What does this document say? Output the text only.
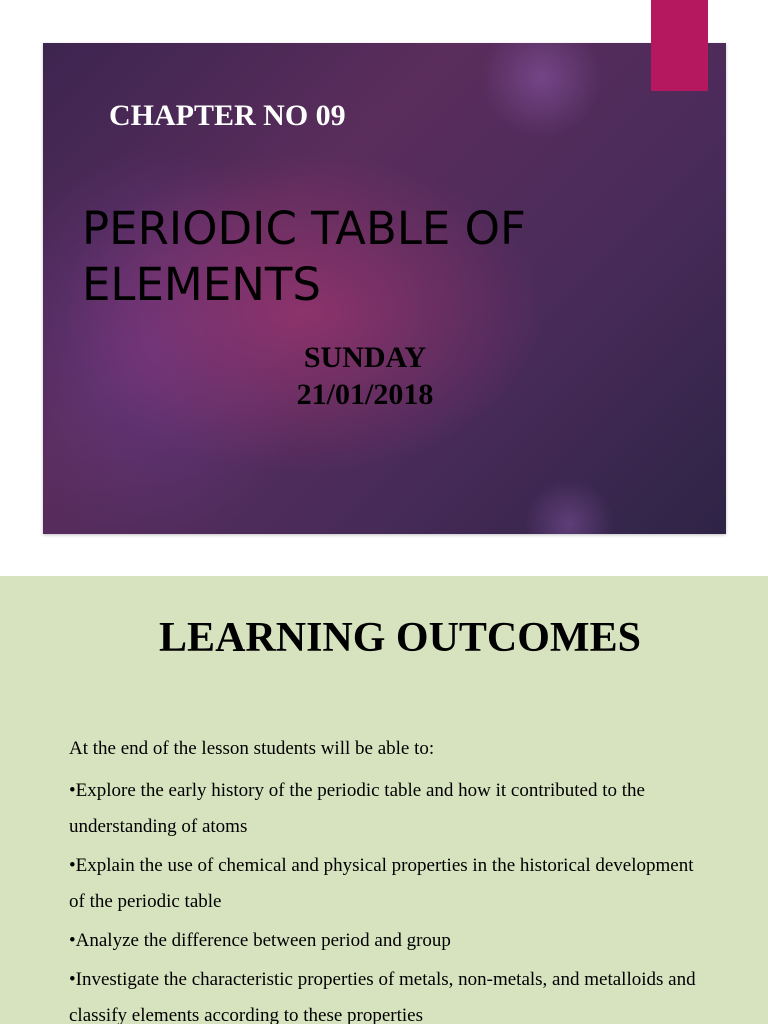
CHAPTER NO 09
PERIODIC TABLE OF
ELEMENTS
SUNDAY
21/01/2018
LEARNING OUTCOMES
At the end of the lesson students will be able to:
•Explore the early history of the periodic table and how it contributed to the understanding of atoms
•Explain the use of chemical and physical properties in the historical development of the periodic table
•Analyze the difference between period and group
•Investigate the characteristic properties of metals, non-metals, and metalloids and classify elements according to these properties
